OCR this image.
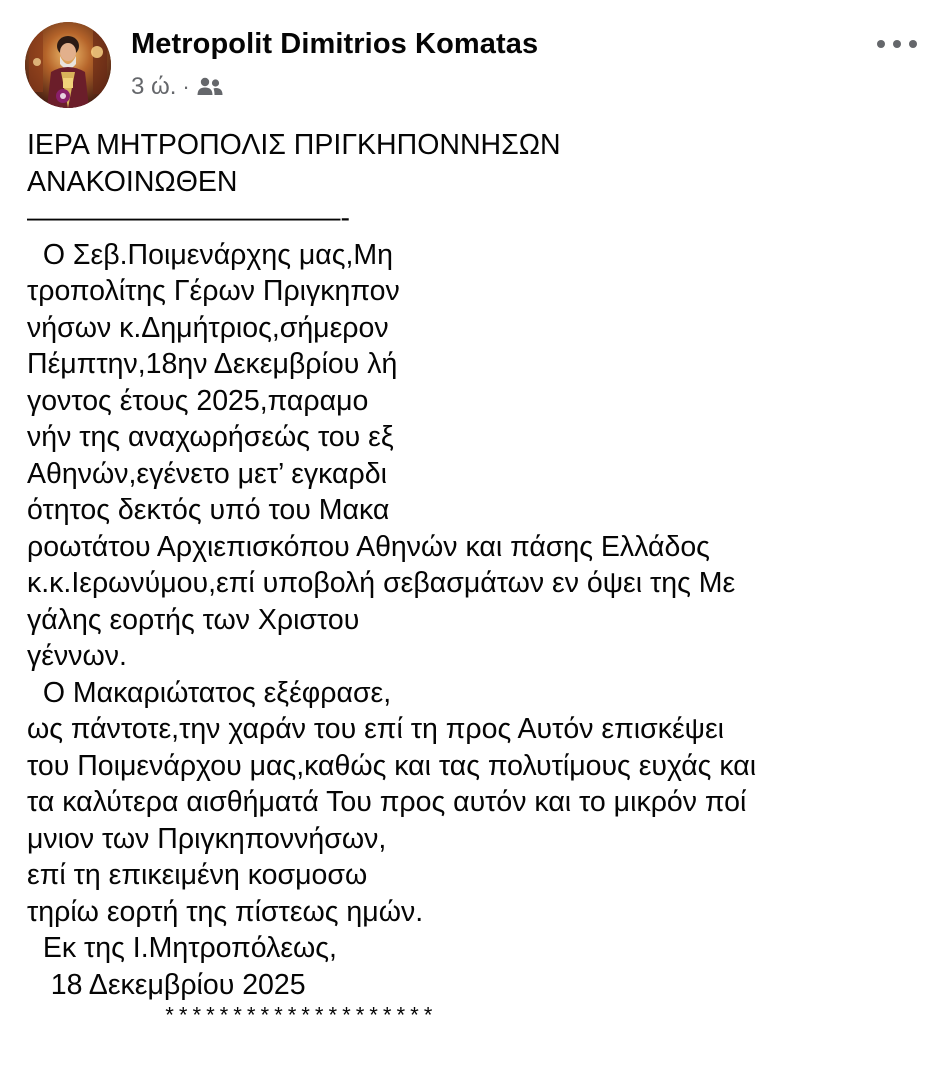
Metropolit Dimitrios Komatas
3 ώ. ·
ΙΕΡΑ ΜΗΤΡΟΠΟΛΙΣ ΠΡΙΓΚΗΠΟΝΝΗΣΩΝ
ΑΝΑΚΟΙΝΩΘΕΝ
———————————-
Ο Σεβ.Ποιμενάρχης μας,Μη
τροπολίτης Γέρων Πριγκηπον
νήσων κ.Δημήτριος,σήμερον
Πέμπτην,18ην Δεκεμβρίου λή
γοντος έτους 2025,παραμο
νήν της αναχωρήσεώς του εξ
Αθηνών,εγένετο μετ’ εγκαρδι
ότητος δεκτός υπό του Μακα
ροωτάτου Αρχιεπισκόπου Αθηνών και πάσης Ελλάδος
κ.κ.Ιερωνύμου,επί υποβολή σεβασμάτων εν όψει της Με
γάλης εορτής των Χριστου
γέννων.
Ο Μακαριώτατος εξέφρασε,
ως πάντοτε,την χαράν του επί τη προς Αυτόν επισκέψει
του Ποιμενάρχου μας,καθώς και τας πολυτίμους ευχάς και
τα καλύτερα αισθήματά Του προς αυτόν και το μικρόν ποί
μνιον των Πριγκηποννήσων,
επί τη επικειμένη κοσμοσω
τηρίω εορτή της πίστεως ημών.
Εκ της Ι.Μητροπόλεως,
18 Δεκεμβρίου 2025
********************
